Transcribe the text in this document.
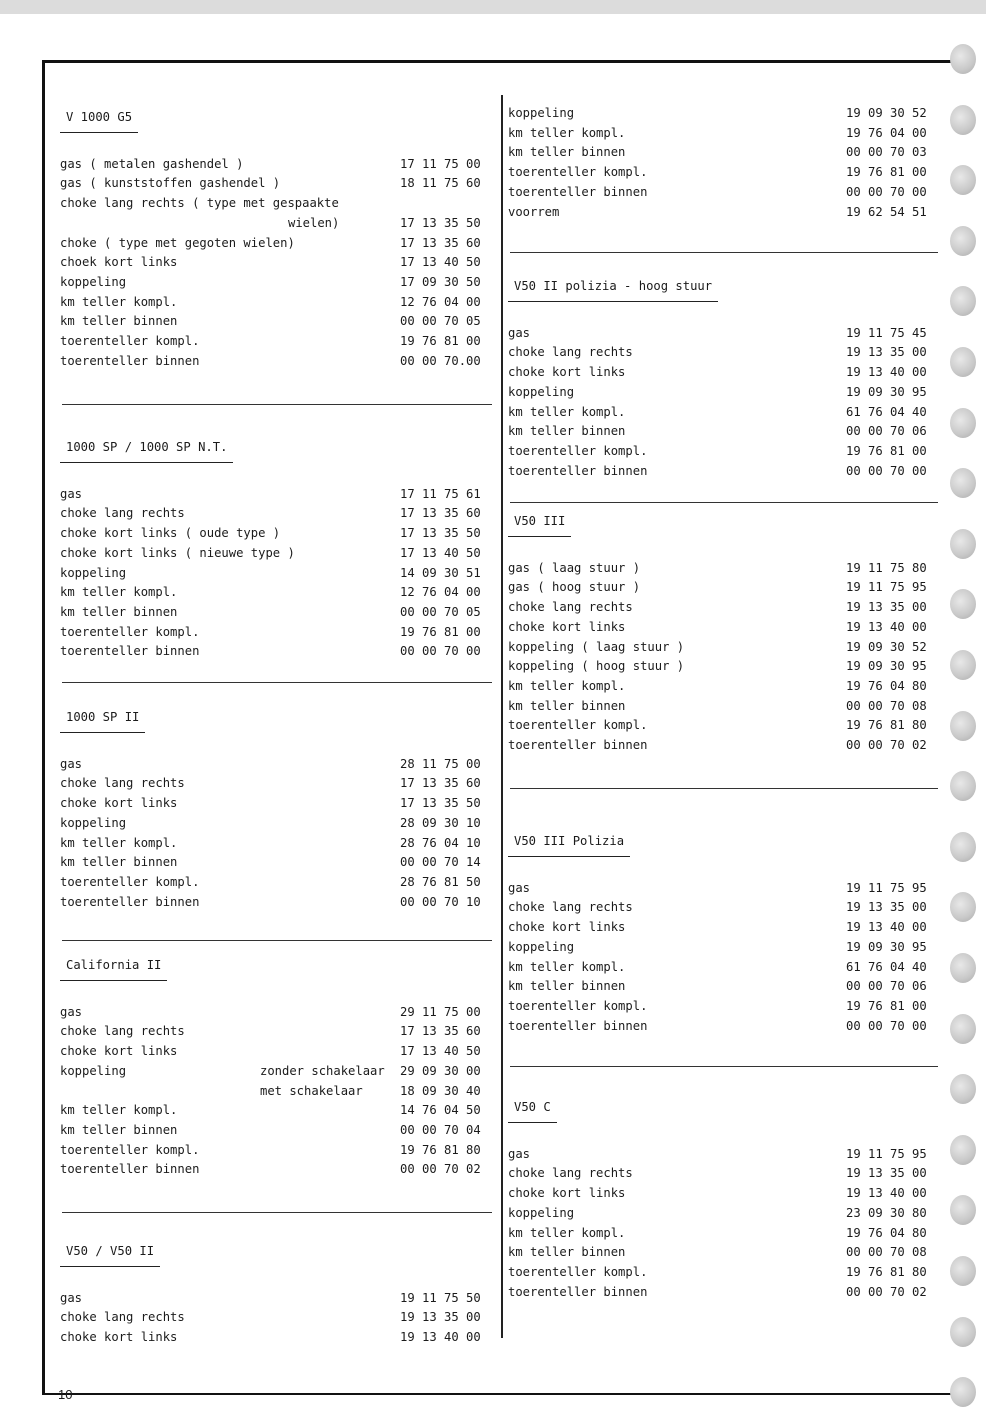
V 1000 G5

gas ( metalen gashendel )	17 11 75 00
gas ( kunststoffen gashendel )	18 11 75 60
choke lang rechts ( type met gespaakte
wielen)	17 13 35 50
choke ( type met gegoten wielen)	17 13 35 60
choek kort links	17 13 40 50
koppeling	17 09 30 50
km teller kompl.	12 76 04 00
km teller binnen	00 00 70 05
toerenteller kompl.	19 76 81 00
toerenteller binnen	00 00 70.00
1000 SP / 1000 SP N.T.

gas	17 11 75 61
choke lang rechts	17 13 35 60
choke kort links ( oude type )	17 13 35 50
choke kort links ( nieuwe type )	17 13 40 50
koppeling	14 09 30 51
km teller kompl.	12 76 04 00
km teller binnen	00 00 70 05
toerenteller kompl.	19 76 81 00
toerenteller binnen	00 00 70 00
1000 SP II

gas	28 11 75 00
choke lang rechts	17 13 35 60
choke kort links	17 13 35 50
koppeling	28 09 30 10
km teller kompl.	28 76 04 10
km teller binnen	00 00 70 14
toerenteller kompl.	28 76 81 50
toerenteller binnen	00 00 70 10
California II

gas	29 11 75 00
choke lang rechts	17 13 35 60
choke kort links	17 13 40 50
koppeling	zonder schakelaar	29 09 30 00
met schakelaar	18 09 30 40
km teller kompl.	14 76 04 50
km teller binnen	00 00 70 04
toerenteller kompl.	19 76 81 80
toerenteller binnen	00 00 70 02
V50 / V50 II

gas	19 11 75 50
choke lang rechts	19 13 35 00
choke kort links	19 13 40 00
koppeling	19 09 30 52
km teller kompl.	19 76 04 00
km teller binnen	00 00 70 03
toerenteller kompl.	19 76 81 00
toerenteller binnen	00 00 70 00
voorrem	19 62 54 51
V50 II polizia - hoog stuur

gas	19 11 75 45
choke lang rechts	19 13 35 00
choke kort links	19 13 40 00
koppeling	19 09 30 95
km teller kompl.	61 76 04 40
km teller binnen	00 00 70 06
toerenteller kompl.	19 76 81 00
toerenteller binnen	00 00 70 00
V50 III

gas ( laag stuur )	19 11 75 80
gas ( hoog stuur )	19 11 75 95
choke lang rechts	19 13 35 00
choke kort links	19 13 40 00
koppeling ( laag stuur )	19 09 30 52
koppeling ( hoog stuur )	19 09 30 95
km teller kompl.	19 76 04 80
km teller binnen	00 00 70 08
toerenteller kompl.	19 76 81 80
toerenteller binnen	00 00 70 02
V50 III Polizia

gas	19 11 75 95
choke lang rechts	19 13 35 00
choke kort links	19 13 40 00
koppeling	19 09 30 95
km teller kompl.	61 76 04 40
km teller binnen	00 00 70 06
toerenteller kompl.	19 76 81 00
toerenteller binnen	00 00 70 00
V50 C

gas	19 11 75 95
choke lang rechts	19 13 35 00
choke kort links	19 13 40 00
koppeling	23 09 30 80
km teller kompl.	19 76 04 80
km teller binnen	00 00 70 08
toerenteller kompl.	19 76 81 80
toerenteller binnen	00 00 70 02
10
